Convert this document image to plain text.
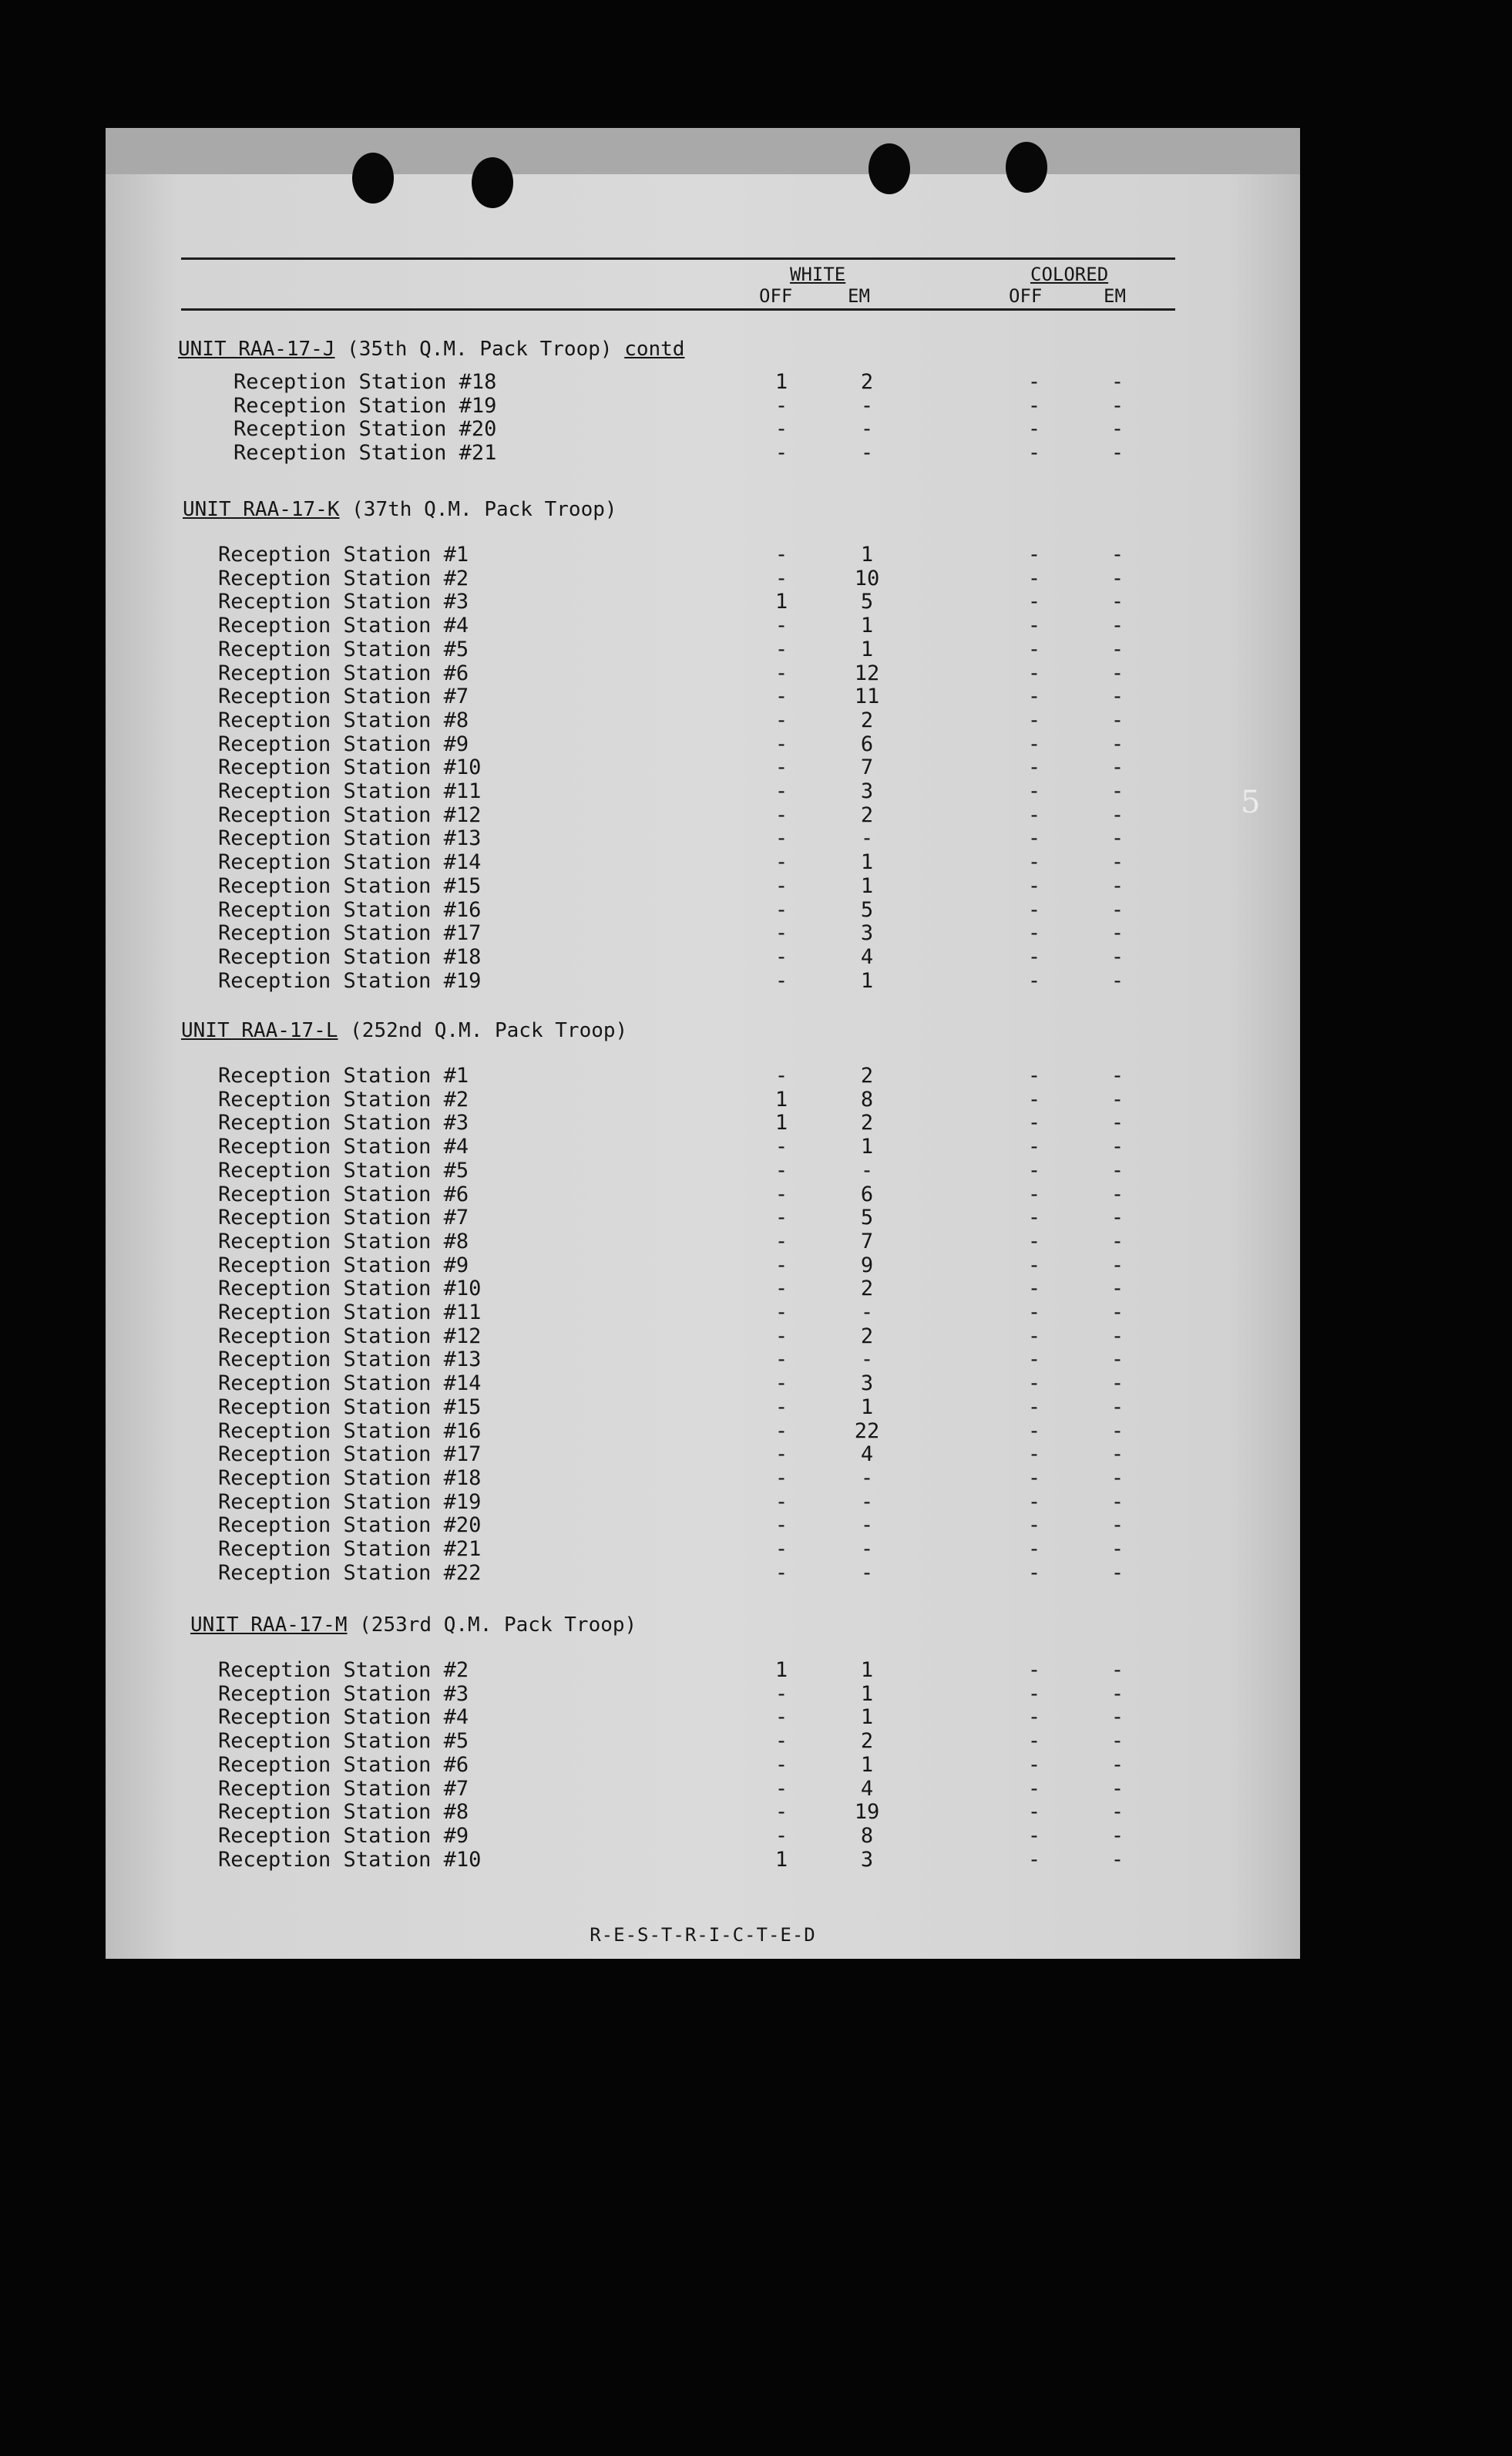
WHITE	COLORED
OFF	EM	OFF	EM
UNIT RAA-17-J (35th Q.M. Pack Troop) contd
Reception Station #18	1	2	-	-
Reception Station #19	-	-	-	-
Reception Station #20	-	-	-	-
Reception Station #21	-	-	-	-
UNIT RAA-17-K (37th Q.M. Pack Troop)
Reception Station #1	-	1	-	-
Reception Station #2	-	10	-	-
Reception Station #3	1	5	-	-
Reception Station #4	-	1	-	-
Reception Station #5	-	1	-	-
Reception Station #6	-	12	-	-
Reception Station #7	-	11	-	-
Reception Station #8	-	2	-	-
Reception Station #9	-	6	-	-
Reception Station #10	-	7	-	-
Reception Station #11	-	3	-	-
Reception Station #12	-	2	-	-
Reception Station #13	-	-	-	-
Reception Station #14	-	1	-	-
Reception Station #15	-	1	-	-
Reception Station #16	-	5	-	-
Reception Station #17	-	3	-	-
Reception Station #18	-	4	-	-
Reception Station #19	-	1	-	-
UNIT RAA-17-L (252nd Q.M. Pack Troop)
Reception Station #1	-	2	-	-
Reception Station #2	1	8	-	-
Reception Station #3	1	2	-	-
Reception Station #4	-	1	-	-
Reception Station #5	-	-	-	-
Reception Station #6	-	6	-	-
Reception Station #7	-	5	-	-
Reception Station #8	-	7	-	-
Reception Station #9	-	9	-	-
Reception Station #10	-	2	-	-
Reception Station #11	-	-	-	-
Reception Station #12	-	2	-	-
Reception Station #13	-	-	-	-
Reception Station #14	-	3	-	-
Reception Station #15	-	1	-	-
Reception Station #16	-	22	-	-
Reception Station #17	-	4	-	-
Reception Station #18	-	-	-	-
Reception Station #19	-	-	-	-
Reception Station #20	-	-	-	-
Reception Station #21	-	-	-	-
Reception Station #22	-	-	-	-
UNIT RAA-17-M (253rd Q.M. Pack Troop)
Reception Station #2	1	1	-	-
Reception Station #3	-	1	-	-
Reception Station #4	-	1	-	-
Reception Station #5	-	2	-	-
Reception Station #6	-	1	-	-
Reception Station #7	-	4	-	-
Reception Station #8	-	19	-	-
Reception Station #9	-	8	-	-
Reception Station #10	1	3	-	-
R-E-S-T-R-I-C-T-E-D
5
